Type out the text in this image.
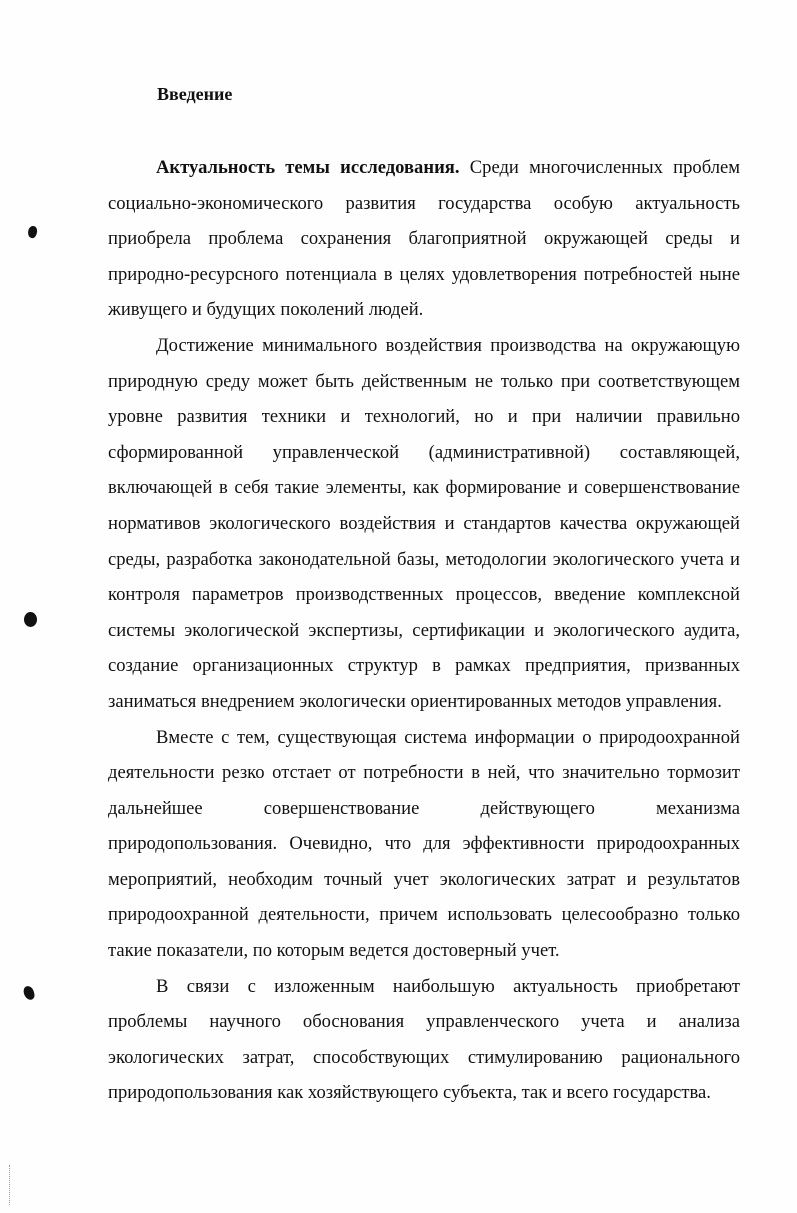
Введение

Актуальность темы исследования. Среди многочисленных проблем социально-экономического развития государства особую актуальность приобрела проблема сохранения благоприятной окружающей среды и природно-ресурсного потенциала в целях удовлетворения потребностей ныне живущего и будущих поколений людей.

Достижение минимального воздействия производства на окружающую природную среду может быть действенным не только при соответствующем уровне развития техники и технологий, но и при наличии правильно сформированной управленческой (административной) составляющей, включающей в себя такие элементы, как формирование и совершенствование нормативов экологического воздействия и стандартов качества окружающей среды, разработка законодательной базы, методологии экологического учета и контроля параметров производственных процессов, введение комплексной системы экологической экспертизы, сертификации и экологического аудита, создание организационных структур в рамках предприятия, призванных заниматься внедрением экологически ориентированных методов управления.

Вместе с тем, существующая система информации о природоохранной деятельности резко отстает от потребности в ней, что значительно тормозит дальнейшее совершенствование действующего механизма природопользования. Очевидно, что для эффективности природоохранных мероприятий, необходим точный учет экологических затрат и результатов природоохранной деятельности, причем использовать целесообразно только такие показатели, по которым ведется достоверный учет.

В связи с изложенным наибольшую актуальность приобретают проблемы научного обоснования управленческого учета и анализа экологических затрат, способствующих стимулированию рационального природопользования как хозяйствующего субъекта, так и всего государства.
